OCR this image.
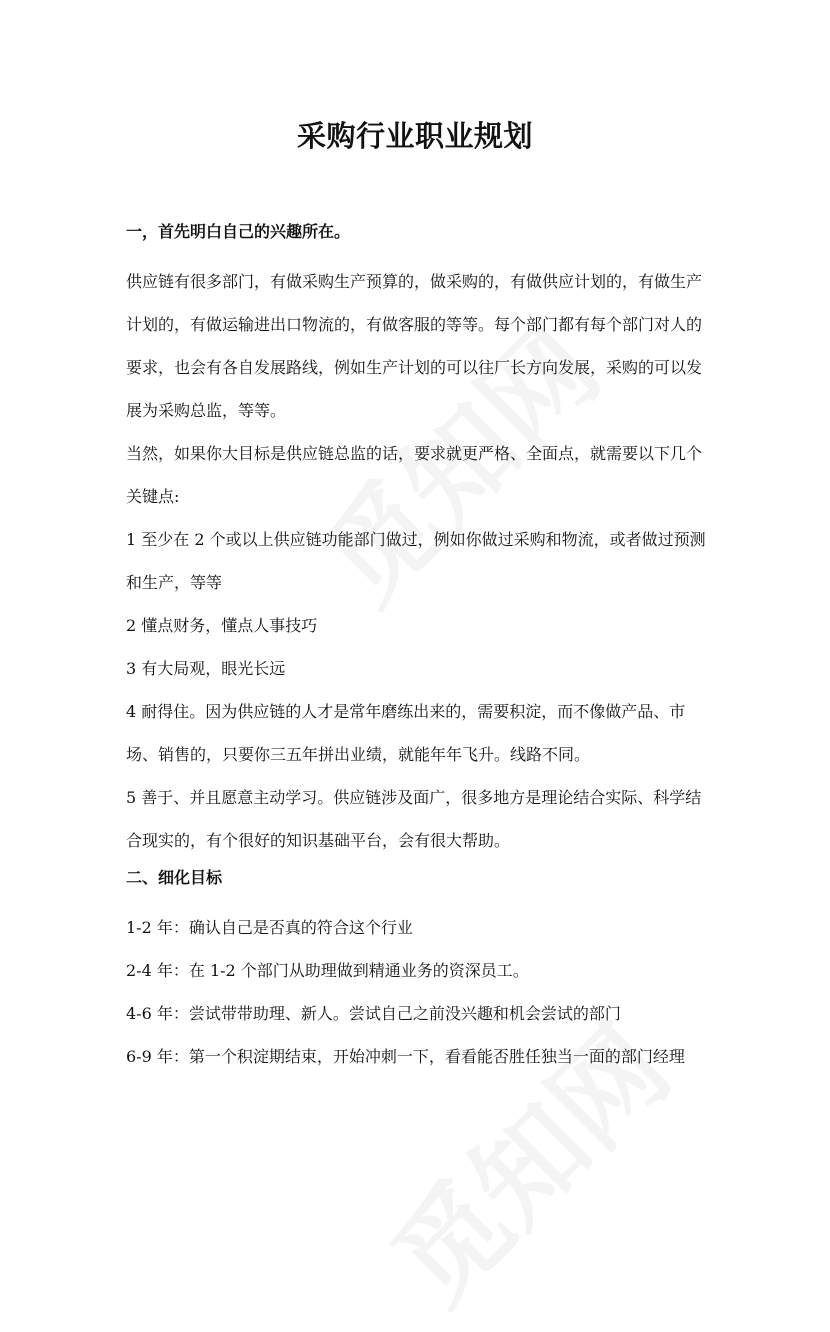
采购行业职业规划

一，首先明白自己的兴趣所在。

供应链有很多部门，有做采购生产预算的，做采购的，有做供应计划的，有做生产计划的，有做运输进出口物流的，有做客服的等等。每个部门都有每个部门对人的要求，也会有各自发展路线，例如生产计划的可以往厂长方向发展，采购的可以发展为采购总监，等等。

当然，如果你大目标是供应链总监的话，要求就更严格、全面点，就需要以下几个关键点:

1 至少在 2 个或以上供应链功能部门做过，例如你做过采购和物流，或者做过预测和生产，等等

2 懂点财务，懂点人事技巧

3 有大局观，眼光长远

4 耐得住。因为供应链的人才是常年磨练出来的，需要积淀，而不像做产品、市场、销售的，只要你三五年拼出业绩，就能年年飞升。线路不同。

5 善于、并且愿意主动学习。供应链涉及面广，很多地方是理论结合实际、科学结合现实的，有个很好的知识基础平台，会有很大帮助。

二、细化目标

1-2 年：确认自己是否真的符合这个行业

2-4 年：在 1-2 个部门从助理做到精通业务的资深员工。

4-6 年：尝试带带助理、新人。尝试自己之前没兴趣和机会尝试的部门

6-9 年：第一个积淀期结束，开始冲刺一下，看看能否胜任独当一面的部门经理
